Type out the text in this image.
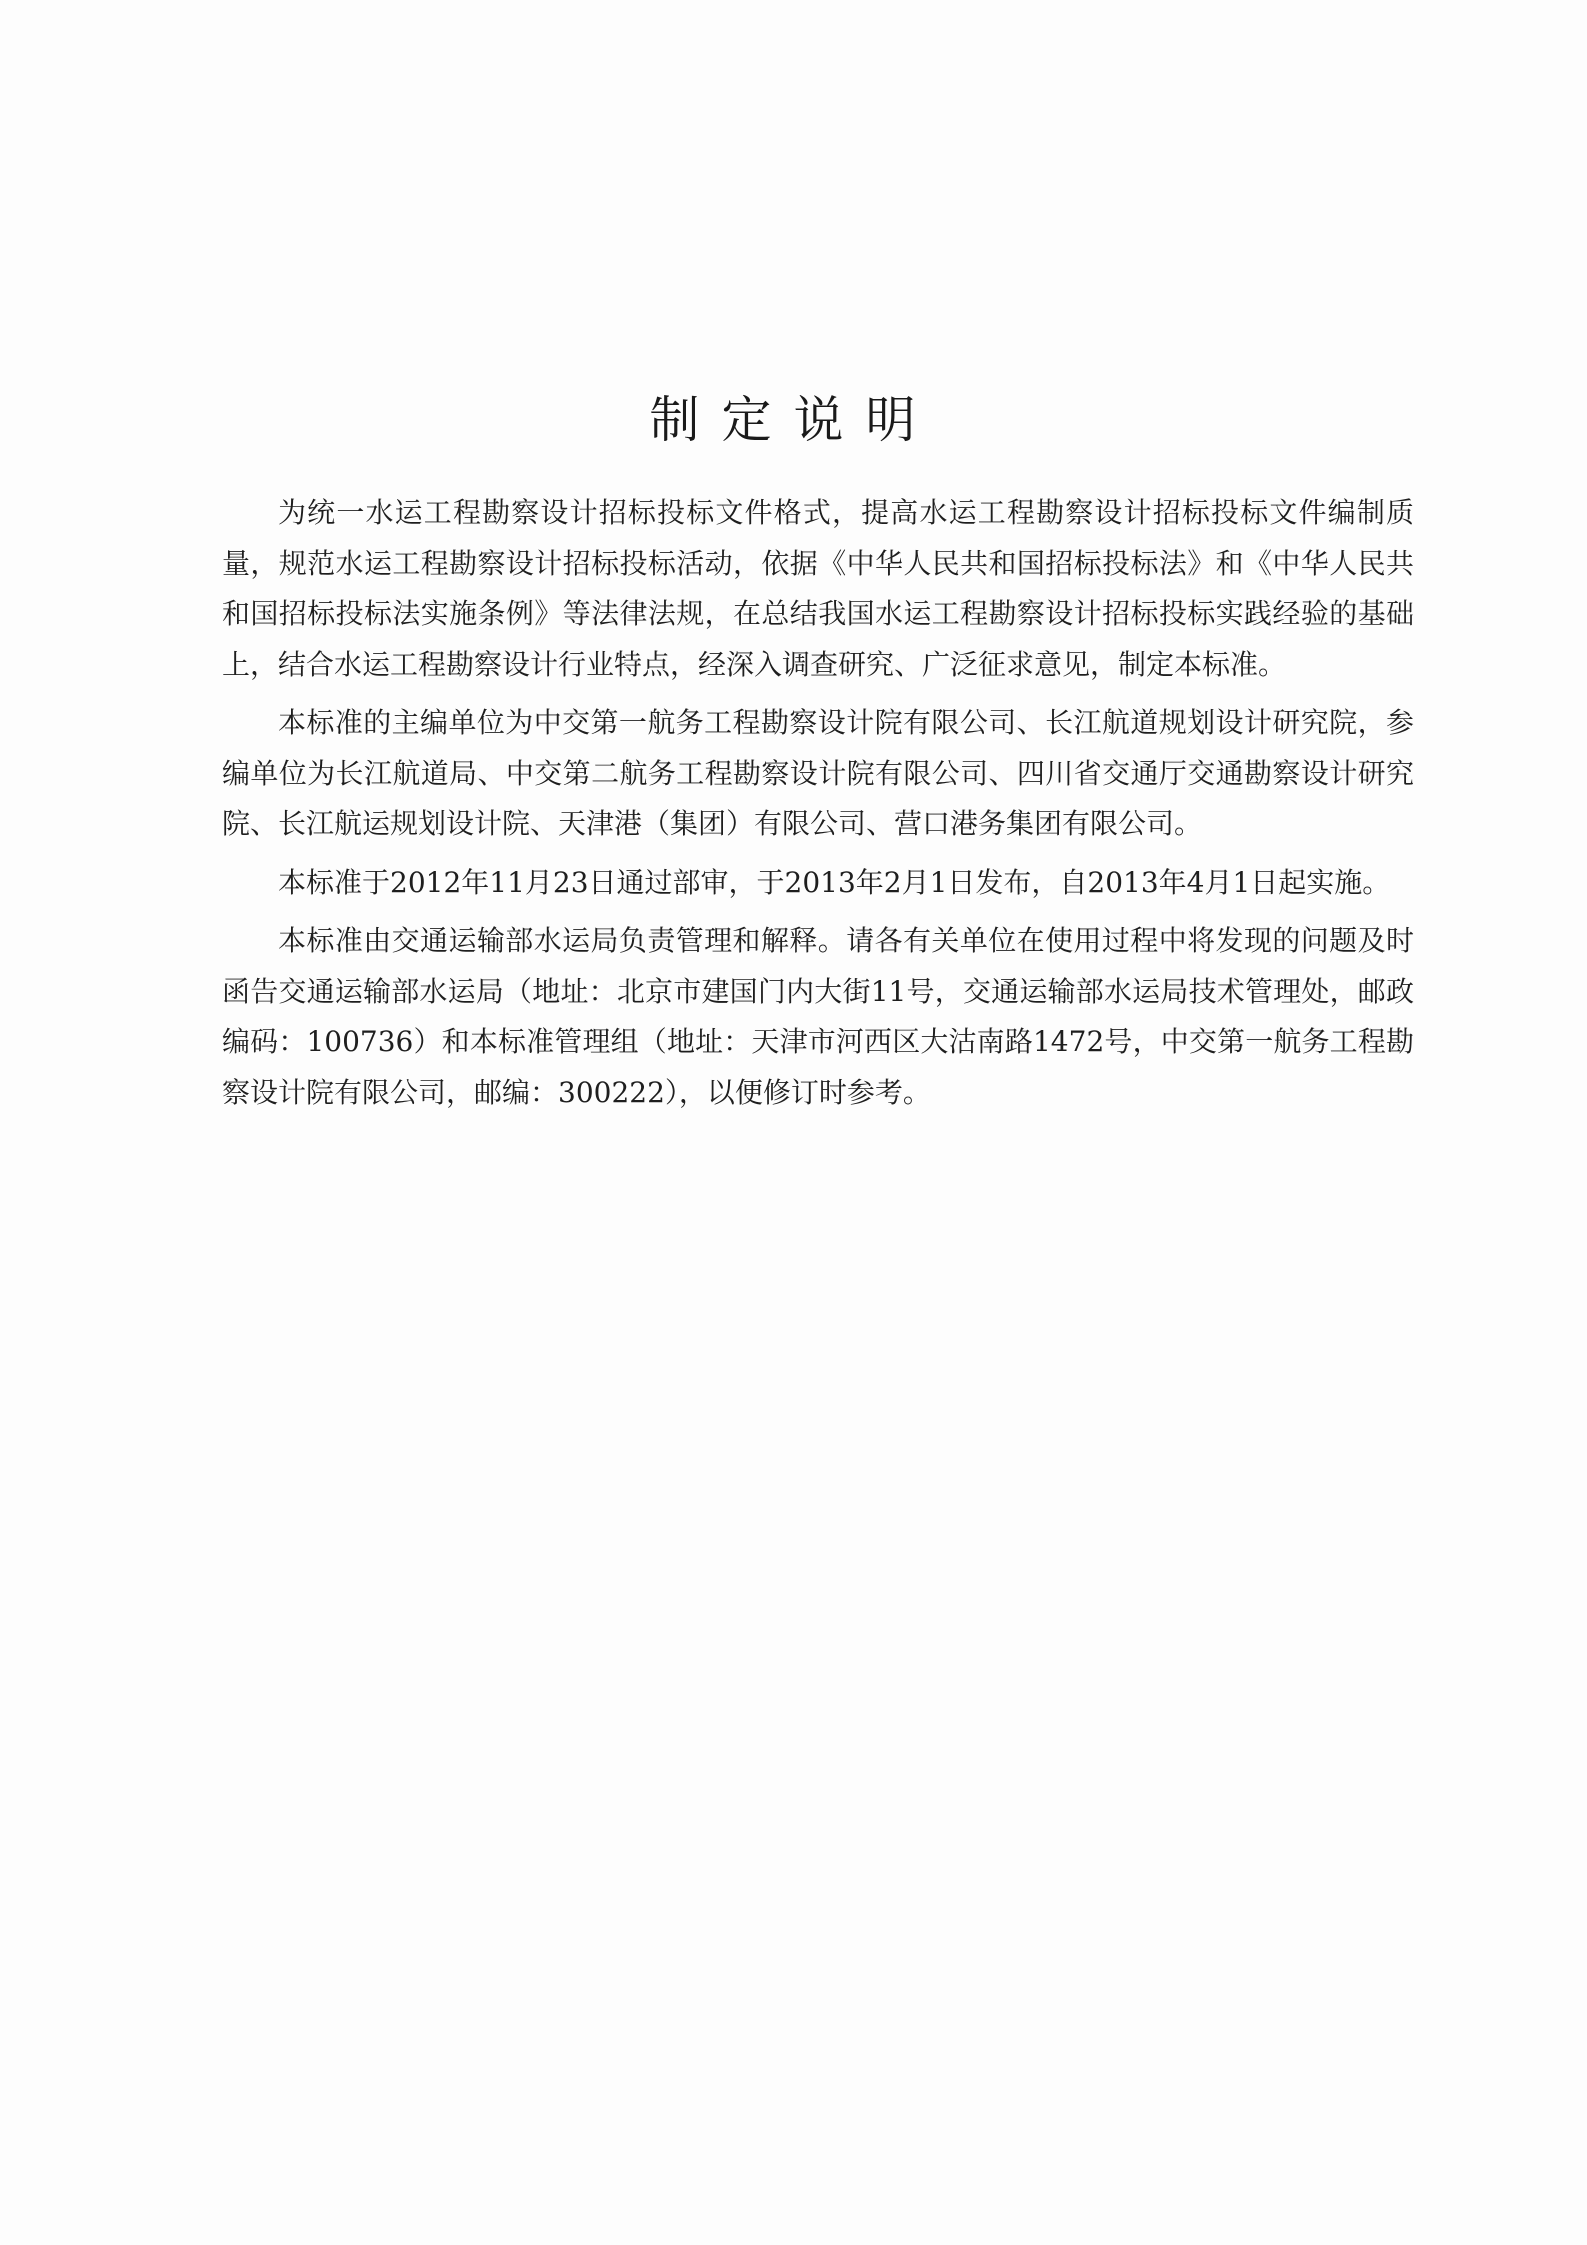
制定说明

为统一水运工程勘察设计招标投标文件格式，提高水运工程勘察设计招标投标文件编制质量，规范水运工程勘察设计招标投标活动，依据《中华人民共和国招标投标法》和《中华人民共和国招标投标法实施条例》等法律法规，在总结我国水运工程勘察设计招标投标实践经验的基础上，结合水运工程勘察设计行业特点，经深入调查研究、广泛征求意见，制定本标准。

本标准的主编单位为中交第一航务工程勘察设计院有限公司、长江航道规划设计研究院，参编单位为长江航道局、中交第二航务工程勘察设计院有限公司、四川省交通厅交通勘察设计研究院、长江航运规划设计院、天津港（集团）有限公司、营口港务集团有限公司。

本标准于2012年11月23日通过部审，于2013年2月1日发布，自2013年4月1日起实施。

本标准由交通运输部水运局负责管理和解释。请各有关单位在使用过程中将发现的问题及时函告交通运输部水运局（地址：北京市建国门内大街11号，交通运输部水运局技术管理处，邮政编码：100736）和本标准管理组（地址：天津市河西区大沽南路1472号，中交第一航务工程勘察设计院有限公司，邮编：300222），以便修订时参考。
